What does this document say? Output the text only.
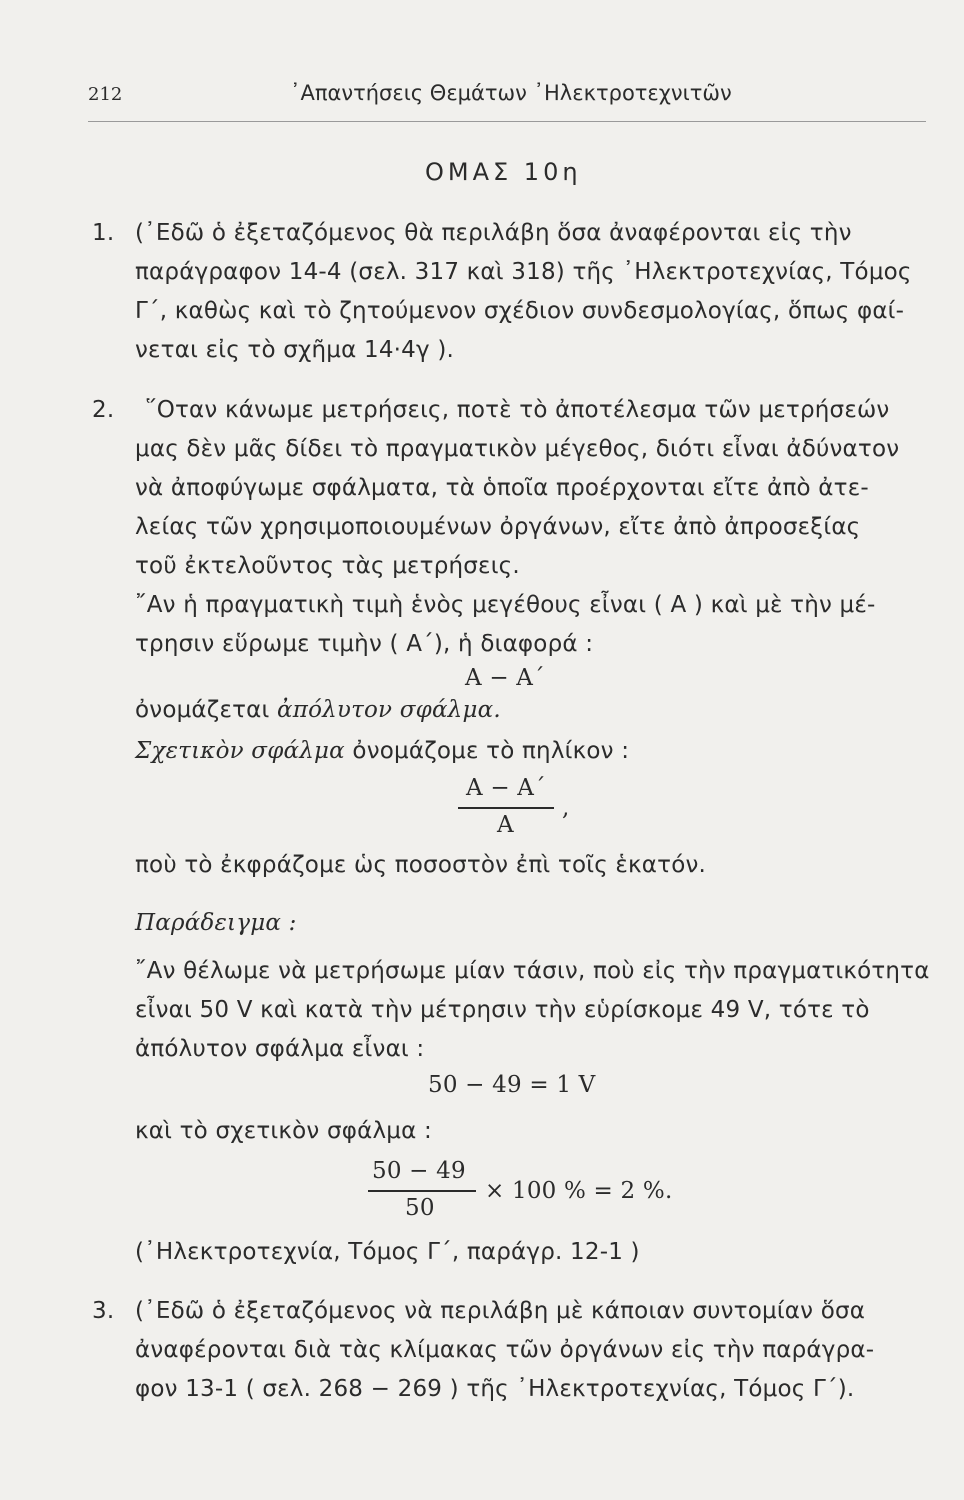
212	᾿Απαντήσεις Θεμάτων ᾿Ηλεκτροτεχνιτῶν
ΟΜΑΣ 10η
1. (᾿Εδῶ ὁ ἐξεταζόμενος θὰ περιλάβη ὅσα ἀναφέρονται εἰς τὴν
παράγραφον 14-4 (σελ. 317 καὶ 318) τῆς ᾿Ηλεκτροτεχνίας, Τόμος
Γ΄, καθὼς καὶ τὸ ζητούμενον σχέδιον συνδεσμολογίας, ὅπως φαί-
νεται εἰς τὸ σχῆμα 14·4γ ).
2. ῞Οταν κάνωμε μετρήσεις, ποτὲ τὸ ἀποτέλεσμα τῶν μετρήσεών
μας δὲν μᾶς δίδει τὸ πραγματικὸν μέγεθος, διότι εἶναι ἀδύνατον
νὰ ἀποφύγωμε σφάλματα, τὰ ὁποῖα προέρχονται εἴτε ἀπὸ ἀτε-
λείας τῶν χρησιμοποιουμένων ὀργάνων, εἴτε ἀπὸ ἀπροσεξίας
τοῦ ἐκτελοῦντος τὰς μετρήσεις.
῎Αν ἡ πραγματικὴ τιμὴ ἑνὸς μεγέθους εἶναι ( Α ) καὶ μὲ τὴν μέ-
τρησιν εὕρωμε τιμὴν ( Α΄), ἡ διαφορά :
Α − Α΄
ὀνομάζεται ἀπόλυτον σφάλμα.
Σχετικὸν σφάλμα ὀνομάζομε τὸ πηλίκον :
Α − Α΄
Α
,
ποὺ τὸ ἐκφράζομε ὡς ποσοστὸν ἐπὶ τοῖς ἑκατόν.
Παράδειγμα :
῎Αν θέλωμε νὰ μετρήσωμε μίαν τάσιν, ποὺ εἰς τὴν πραγματικότητα
εἶναι 50 V καὶ κατὰ τὴν μέτρησιν τὴν εὑρίσκομε 49 V, τότε τὸ
ἀπόλυτον σφάλμα εἶναι :
50 − 49 = 1 V
καὶ τὸ σχετικὸν σφάλμα :
50 − 49
50
× 100 % = 2 %.
(᾿Ηλεκτροτεχνία, Τόμος Γ΄, παράγρ. 12-1 )
3. (᾿Εδῶ ὁ ἐξεταζόμενος νὰ περιλάβη μὲ κάποιαν συντομίαν ὅσα
ἀναφέρονται διὰ τὰς κλίμακας τῶν ὀργάνων εἰς τὴν παράγρα-
φον 13-1 ( σελ. 268 − 269 ) τῆς ᾿Ηλεκτροτεχνίας, Τόμος Γ΄).
